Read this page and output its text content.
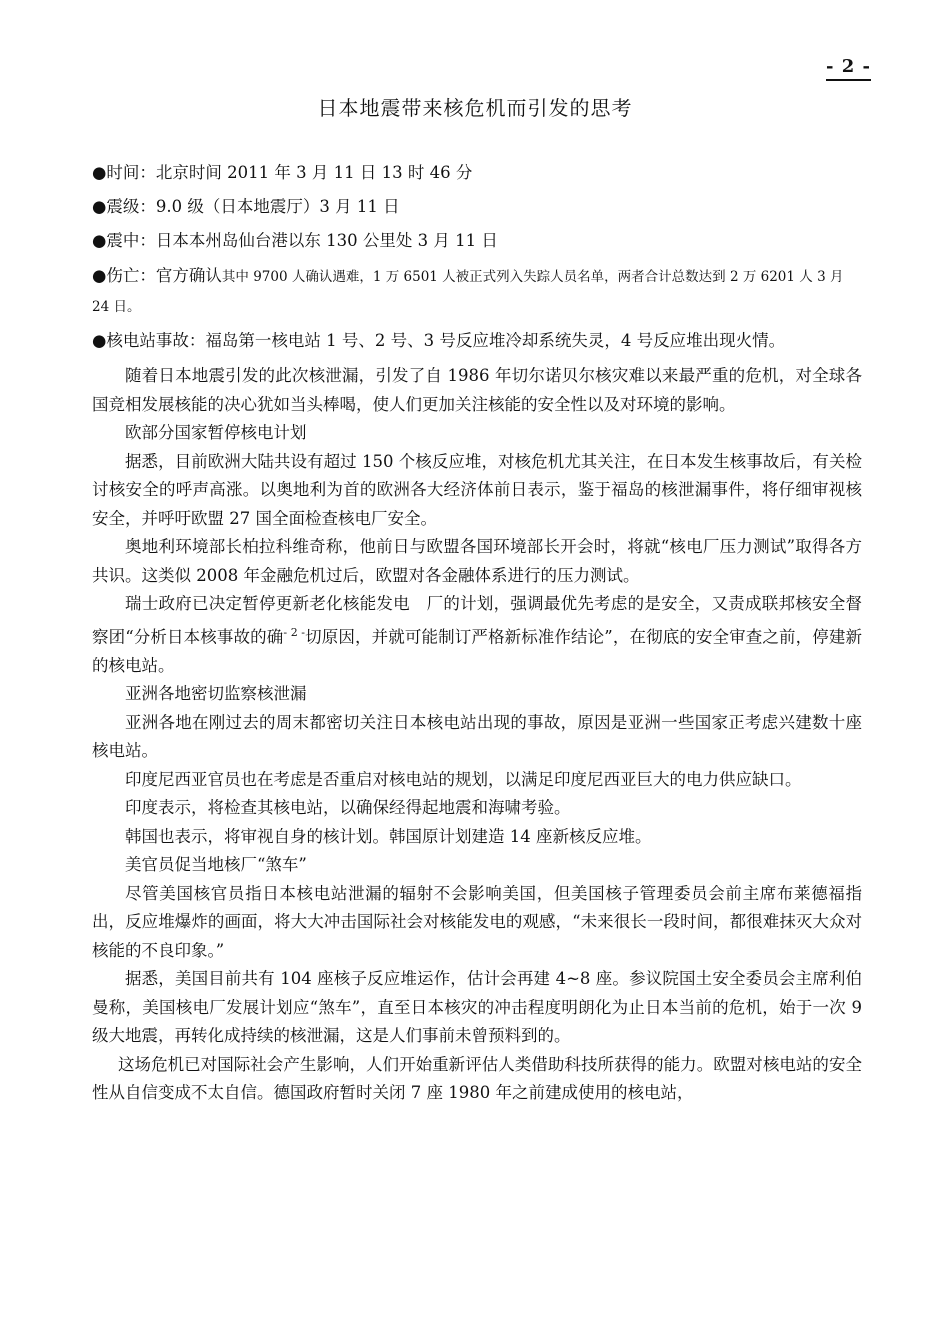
- 2 -
日本地震带来核危机而引发的思考

●时间：北京时间 2011 年 3 月 11 日 13 时 46 分

●震级：9.0 级（日本地震厅）3 月 11 日

●震中：日本本州岛仙台港以东 130 公里处 3 月 11 日

●伤亡：官方确认其中 9700 人确认遇难，1 万 6501 人被正式列入失踪人员名单，两者合计总数达到 2 万 6201 人 3 月 24 日。

●核电站事故：福岛第一核电站 1 号、2 号、3 号反应堆冷却系统失灵，4 号反应堆出现火情。

随着日本地震引发的此次核泄漏，引发了自 1986 年切尔诺贝尔核灾难以来最严重的危机，对全球各国竞相发展核能的决心犹如当头棒喝，使人们更加关注核能的安全性以及对环境的影响。

欧部分国家暂停核电计划

据悉，目前欧洲大陆共设有超过 150 个核反应堆，对核危机尤其关注，在日本发生核事故后，有关检讨核安全的呼声高涨。以奥地利为首的欧洲各大经济体前日表示，鉴于福岛的核泄漏事件，将仔细审视核安全，并呼吁欧盟 27 国全面检查核电厂安全。

奥地利环境部长柏拉科维奇称，他前日与欧盟各国环境部长开会时，将就“核电厂压力测试”取得各方共识。这类似 2008 年金融危机过后，欧盟对各金融体系进行的压力测试。

瑞士政府已决定暂停更新老化核能发电　厂的计划，强调最优先考虑的是安全，又责成联邦核安全督察团“分析日本核事故的确$^{- 2 -}$切原因，并就可能制订严格新标准作结论”，在彻底的安全审查之前，停建新的核电站。

亚洲各地密切监察核泄漏

亚洲各地在刚过去的周末都密切关注日本核电站出现的事故，原因是亚洲一些国家正考虑兴建数十座核电站。

印度尼西亚官员也在考虑是否重启对核电站的规划，以满足印度尼西亚巨大的电力供应缺口。

印度表示，将检查其核电站，以确保经得起地震和海啸考验。

韩国也表示，将审视自身的核计划。韩国原计划建造 14 座新核反应堆。

美官员促当地核厂“煞车”

尽管美国核官员指日本核电站泄漏的辐射不会影响美国，但美国核子管理委员会前主席布莱德福指出，反应堆爆炸的画面，将大大冲击国际社会对核能发电的观感，“未来很长一段时间，都很难抹灭大众对核能的不良印象。”

据悉，美国目前共有 104 座核子反应堆运作，估计会再建 4~8 座。参议院国土安全委员会主席利伯曼称，美国核电厂发展计划应“煞车”，直至日本核灾的冲击程度明朗化为止日本当前的危机，始于一次 9 级大地震，再转化成持续的核泄漏，这是人们事前未曾预料到的。

这场危机已对国际社会产生影响，人们开始重新评估人类借助科技所获得的能力。欧盟对核电站的安全性从自信变成不太自信。德国政府暂时关闭 7 座 1980 年之前建成使用的核电站，
